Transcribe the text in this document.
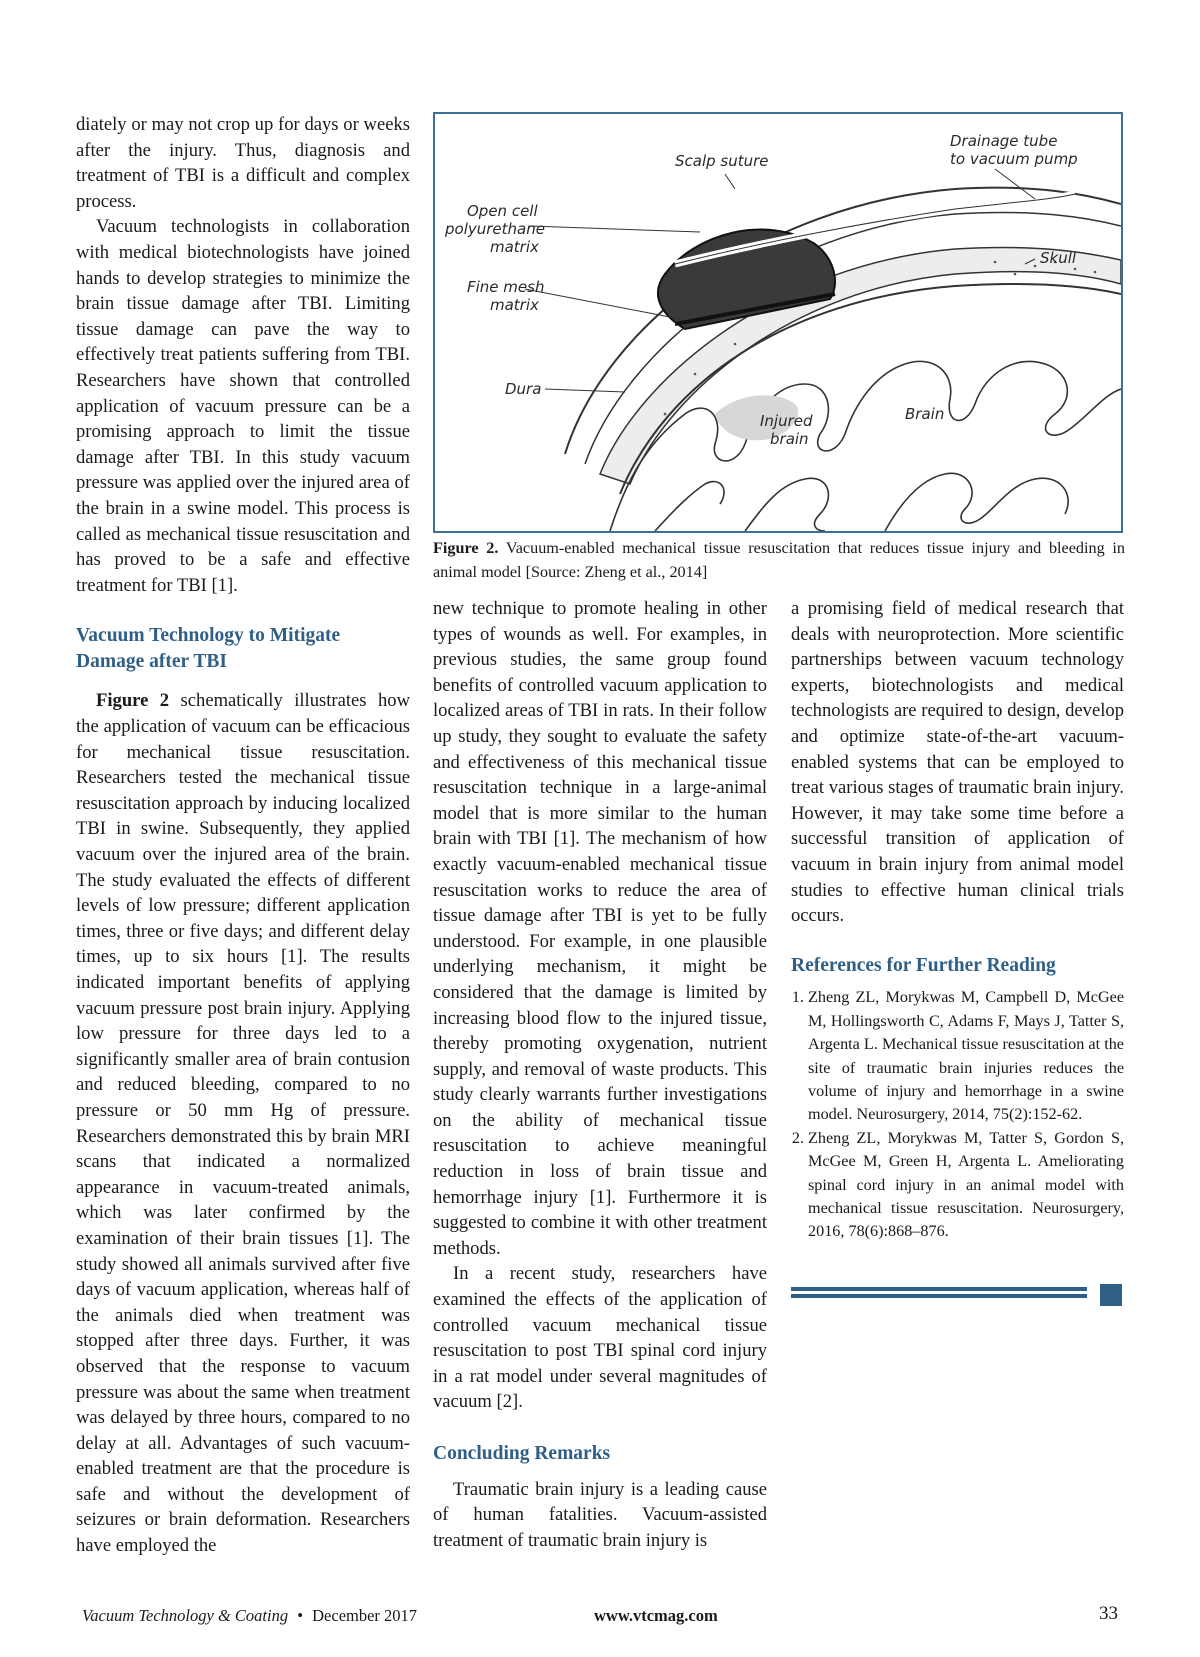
diately or may not crop up for days or weeks after the injury. Thus, diagnosis and treatment of TBI is a difficult and complex process.

Vacuum technologists in collaboration with medical biotechnologists have joined hands to develop strategies to minimize the brain tissue damage after TBI. Limiting tissue damage can pave the way to effectively treat patients suffering from TBI. Researchers have shown that controlled application of vacuum pressure can be a promising approach to limit the tissue damage after TBI. In this study vacuum pressure was applied over the injured area of the brain in a swine model. This process is called as mechanical tissue resuscitation and has proved to be a safe and effective treatment for TBI [1].

Vacuum Technology to Mitigate Damage after TBI

Figure 2 schematically illustrates how the application of vacuum can be efficacious for mechanical tissue resuscitation. Researchers tested the mechanical tissue resuscitation approach by inducing localized TBI in swine. Subsequently, they applied vacuum over the injured area of the brain. The study evaluated the effects of different levels of low pressure; different application times, three or five days; and different delay times, up to six hours [1]. The results indicated important benefits of applying vacuum pressure post brain injury. Applying low pressure for three days led to a significantly smaller area of brain contusion and reduced bleeding, compared to no pressure or 50 mm Hg of pressure. Researchers demonstrated this by brain MRI scans that indicated a normalized appearance in vacuum-treated animals, which was later confirmed by the examination of their brain tissues [1]. The study showed all animals survived after five days of vacuum application, whereas half of the animals died when treatment was stopped after three days. Further, it was observed that the response to vacuum pressure was about the same when treatment was delayed by three hours, compared to no delay at all. Advantages of such vacuum-enabled treatment are that the procedure is safe and without the development of seizures or brain deformation. Researchers have employed the

Scalp suture
Drainage tube
to vacuum pump
Open cell
polyurethane
matrix
Fine mesh
matrix
Skull
Dura
Injured
brain
Brain
Figure 2. Vacuum-enabled mechanical tissue resuscitation that reduces tissue injury and bleeding in animal model [Source: Zheng et al., 2014]

new technique to promote healing in other types of wounds as well. For examples, in previous studies, the same group found benefits of controlled vacuum application to localized areas of TBI in rats. In their follow up study, they sought to evaluate the safety and effectiveness of this mechanical tissue resuscitation technique in a large-animal model that is more similar to the human brain with TBI [1]. The mechanism of how exactly vacuum-enabled mechanical tissue resuscitation works to reduce the area of tissue damage after TBI is yet to be fully understood. For example, in one plausible underlying mechanism, it might be considered that the damage is limited by increasing blood flow to the injured tissue, thereby promoting oxygenation, nutrient supply, and removal of waste products. This study clearly warrants further investigations on the ability of mechanical tissue resuscitation to achieve meaningful reduction in loss of brain tissue and hemorrhage injury [1]. Furthermore it is suggested to combine it with other treatment methods.

In a recent study, researchers have examined the effects of the application of controlled vacuum mechanical tissue resuscitation to post TBI spinal cord injury in a rat model under several magnitudes of vacuum [2].

Concluding Remarks

Traumatic brain injury is a leading cause of human fatalities. Vacuum-assisted treatment of traumatic brain injury is

a promising field of medical research that deals with neuroprotection. More scientific partnerships between vacuum technology experts, biotechnologists and medical technologists are required to design, develop and optimize state-of-the-art vacuum-enabled systems that can be employed to treat various stages of traumatic brain injury. However, it may take some time before a successful transition of application of vacuum in brain injury from animal model studies to effective human clinical trials occurs.

References for Further Reading
1. Zheng ZL, Morykwas M, Campbell D, McGee M, Hollingsworth C, Adams F, Mays J, Tatter S, Argenta L. Mechanical tissue resuscitation at the site of traumatic brain injuries reduces the volume of injury and hemorrhage in a swine model. Neurosurgery, 2014, 75(2):152-62.
2. Zheng ZL, Morykwas M, Tatter S, Gordon S, McGee M, Green H, Argenta L. Ameliorating spinal cord injury in an animal model with mechanical tissue resuscitation. Neurosurgery, 2016, 78(6):868–876.
Vacuum Technology & Coating • December 2017	www.vtcmag.com	33
